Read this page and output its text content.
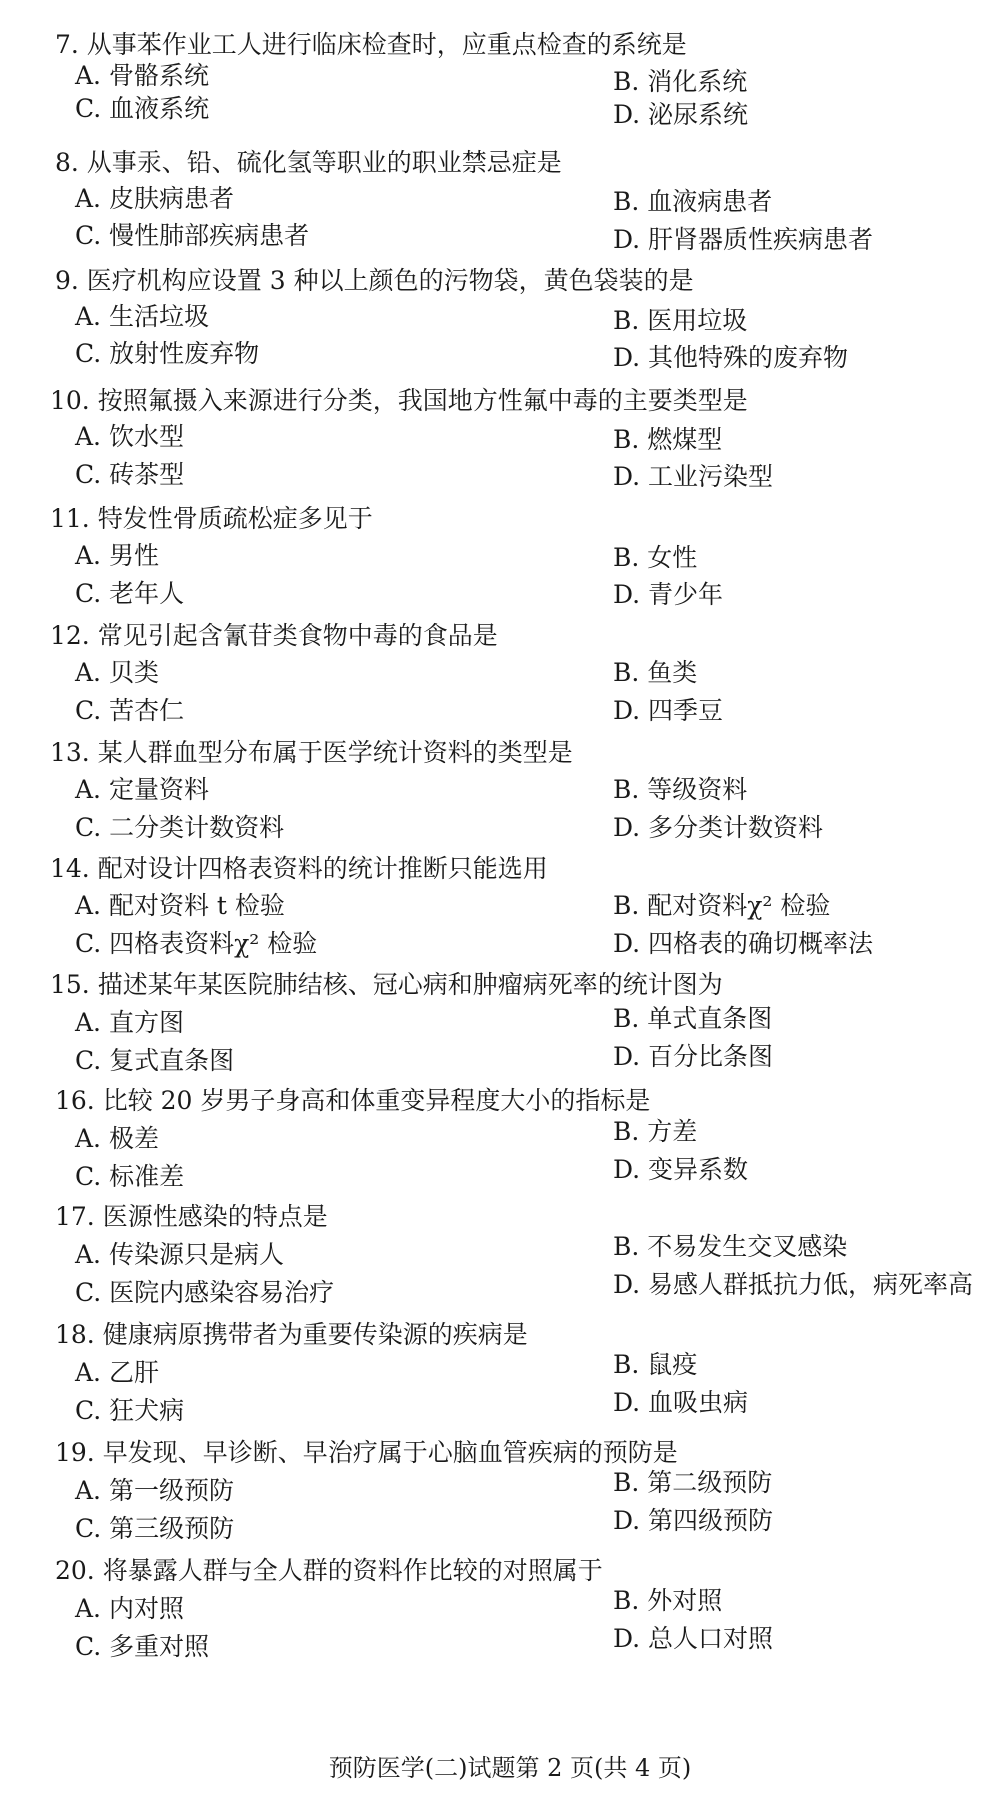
7. 从事苯作业工人进行临床检查时，应重点检查的系统是
A. 骨骼系统	B. 消化系统
C. 血液系统	D. 泌尿系统
8. 从事汞、铅、硫化氢等职业的职业禁忌症是
A. 皮肤病患者	B. 血液病患者
C. 慢性肺部疾病患者	D. 肝肾器质性疾病患者
9. 医疗机构应设置 3 种以上颜色的污物袋，黄色袋装的是
A. 生活垃圾	B. 医用垃圾
C. 放射性废弃物	D. 其他特殊的废弃物
10. 按照氟摄入来源进行分类，我国地方性氟中毒的主要类型是
A. 饮水型	B. 燃煤型
C. 砖茶型	D. 工业污染型
11. 特发性骨质疏松症多见于
A. 男性	B. 女性
C. 老年人	D. 青少年
12. 常见引起含氰苷类食物中毒的食品是
A. 贝类	B. 鱼类
C. 苦杏仁	D. 四季豆
13. 某人群血型分布属于医学统计资料的类型是
A. 定量资料	B. 等级资料
C. 二分类计数资料	D. 多分类计数资料
14. 配对设计四格表资料的统计推断只能选用
A. 配对资料 t 检验	B. 配对资料χ² 检验
C. 四格表资料χ² 检验	D. 四格表的确切概率法
15. 描述某年某医院肺结核、冠心病和肿瘤病死率的统计图为
A. 直方图	B. 单式直条图
C. 复式直条图	D. 百分比条图
16. 比较 20 岁男子身高和体重变异程度大小的指标是
A. 极差	B. 方差
C. 标准差	D. 变异系数
17. 医源性感染的特点是
A. 传染源只是病人	B. 不易发生交叉感染
C. 医院内感染容易治疗	D. 易感人群抵抗力低，病死率高
18. 健康病原携带者为重要传染源的疾病是
A. 乙肝	B. 鼠疫
C. 狂犬病	D. 血吸虫病
19. 早发现、早诊断、早治疗属于心脑血管疾病的预防是
A. 第一级预防	B. 第二级预防
C. 第三级预防	D. 第四级预防
20. 将暴露人群与全人群的资料作比较的对照属于
A. 内对照	B. 外对照
C. 多重对照	D. 总人口对照
预防医学(二)试题第 2 页(共 4 页)
